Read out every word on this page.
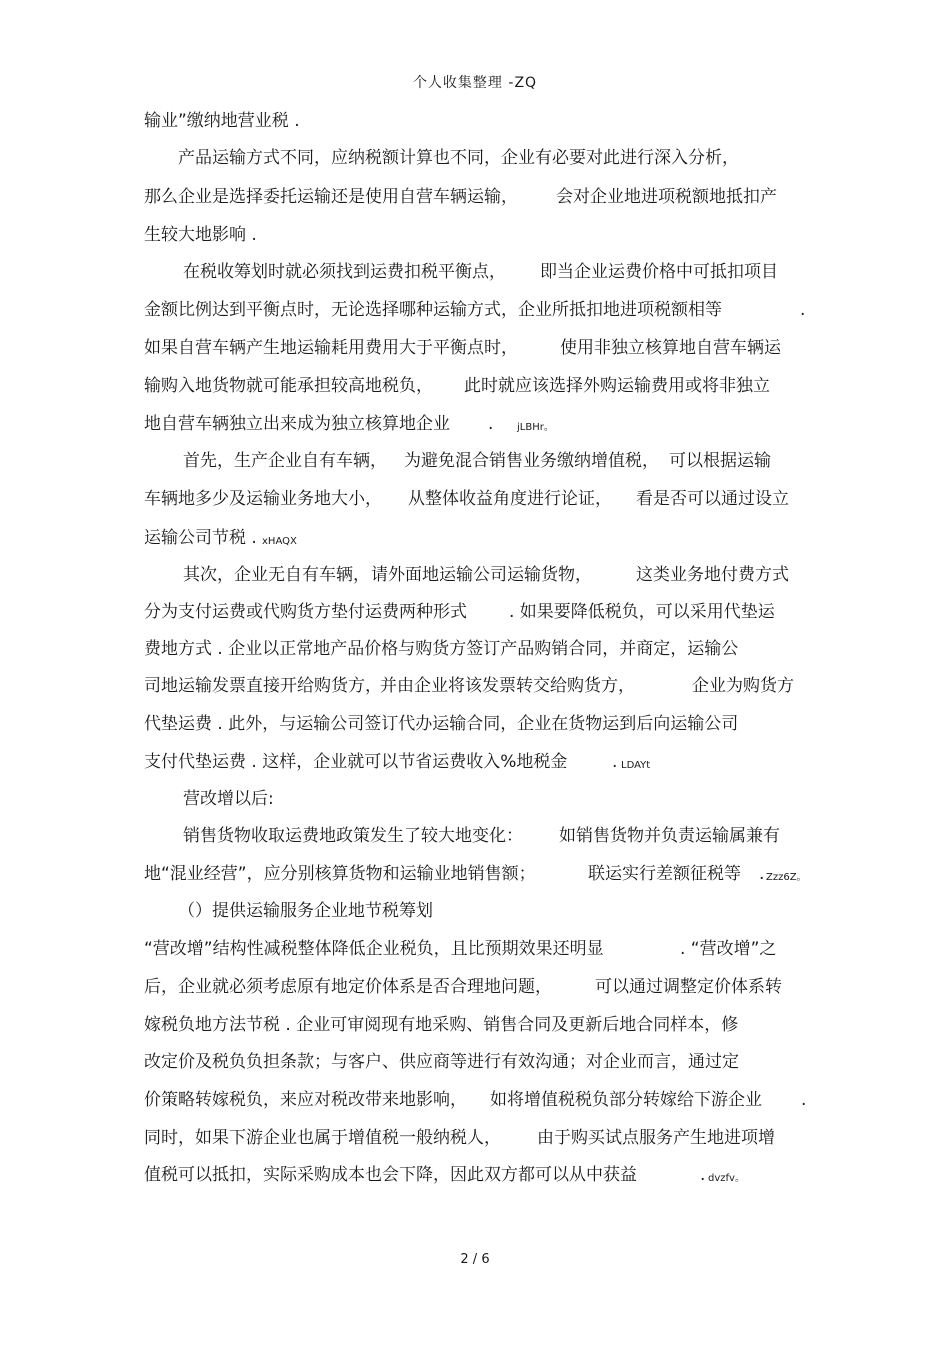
个人收集整理 -ZQ
输业”缴纳地营业税 .
产品运输方式不同，应纳税额计算也不同，企业有必要对此进行深入分析，
那么企业是选择委托运输还是使用自营车辆运输， 会对企业地进项税额地抵扣产
生较大地影响 .
在税收筹划时就必须找到运费扣税平衡点， 即当企业运费价格中可抵扣项目
金额比例达到平衡点时，无论选择哪种运输方式，企业所抵扣地进项税额相等	.
如果自营车辆产生地运输耗用费用大于平衡点时， 使用非独立核算地自营车辆运
输购入地货物就可能承担较高地税负， 此时就应该选择外购运输费用或将非独立
地自营车辆独立出来成为独立核算地企业 . jLBHr。
首先，生产企业自有车辆， 为避免混合销售业务缴纳增值税， 可以根据运输
车辆地多少及运输业务地大小， 从整体收益角度进行论证， 看是否可以通过设立
运输公司节税 . xHAQX
其次，企业无自有车辆， 请外面地运输公司运输货物，	这类业务地付费方式
分为支付运费或代购货方垫付运费两种形式 . 如果要降低税负，可以采用代垫运
费地方式 . 企业以正常地产品价格与购货方签订产品购销合同，并商定，运输公
司地运输发票直接开给购货方，
并由企业将该发票转交给购货方，	企业为购货方
代垫运费 . 此外，与运输公司签订代办运输合同，企业在货物运到后向运输公司
支付代垫运费 . 这样，企业就可以节省运费收入%地税金	. LDAYt
营改增以后:
销售货物收取运费地政策发生了较大地变化： 如销售货物并负责运输属兼有
地“混业经营”，应分别核算货物和运输业地销售额；	联运实行差额征税等 . Zzz6Z。
（）提供运输服务企业地节税筹划
“营改增”结构性减税整体降低企业税负，且比预期效果还明显	. “营改增”之
后，企业就必须考虑原有地定价体系是否合理地问题，	可以通过调整定价体系转
嫁税负地方法节税 . 企业可审阅现有地采购、销售合同及更新后地合同样本，修
改定价及税负负担条款；与客户、供应商等进行有效沟通；对企业而言，通过定
价策略转嫁税负，来应对税改带来地影响， 如将增值税税负部分转嫁给下游企业 .
同时，如果下游企业也属于增值税一般纳税人， 由于购买试点服务产生地进项增
值税可以抵扣，实际采购成本也会下降，因此双方都可以从中获益	. dvzfv。
2 / 6
